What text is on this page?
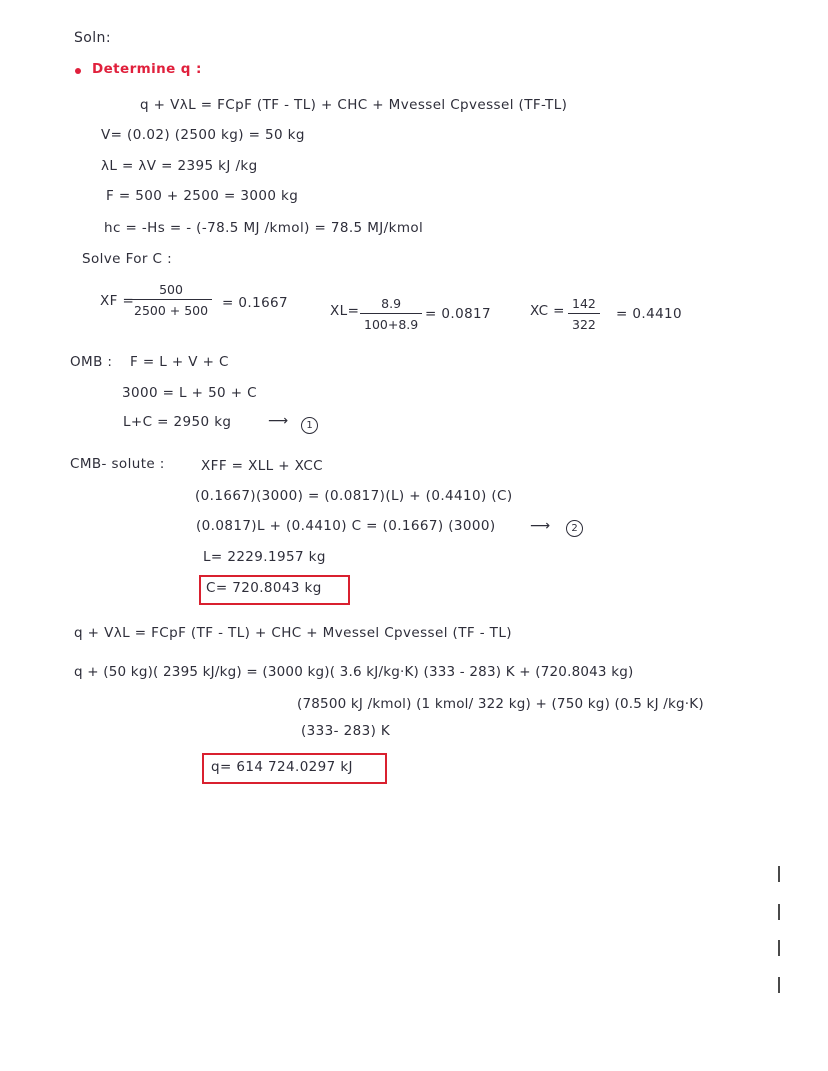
Soln:
Determine q :
q + VλL = FCpF (TF - TL) + CHC + Mvessel Cpvessel (TF-TL)
V= (0.02) (2500 kg) = 50 kg
λL = λV = 2395 kJ /kg
F = 500 + 2500 = 3000 kg
hc = -Hs = - (-78.5 MJ /kmol) = 78.5 MJ/kmol
Solve For C :
XF =
500
2500 + 500 = 0.1667	XL=	8.9
100+8.9
= 0.0817	XC = 142
322
= 0.4410
OMB : F = L + V + C
3000 = L + 50 + C
L+C = 2950 kg	⟶	1
CMB- solute :	XFF = XLL + XCC
(0.1667)(3000) = (0.0817)(L) + (0.4410) (C)
(0.0817)L + (0.4410) C = (0.1667) (3000) ⟶	2
L= 2229.1957 kg
C= 720.8043 kg
q + VλL = FCpF (TF - TL) + CHC + Mvessel Cpvessel (TF - TL)
q + (50 kg)( 2395 kJ/kg) = (3000 kg)( 3.6 kJ/kg·K) (333 - 283) K + (720.8043 kg)
(78500 kJ /kmol) (1 kmol/ 322 kg) + (750 kg) (0.5 kJ /kg·K)
(333- 283) K
q= 614 724.0297 kJ
